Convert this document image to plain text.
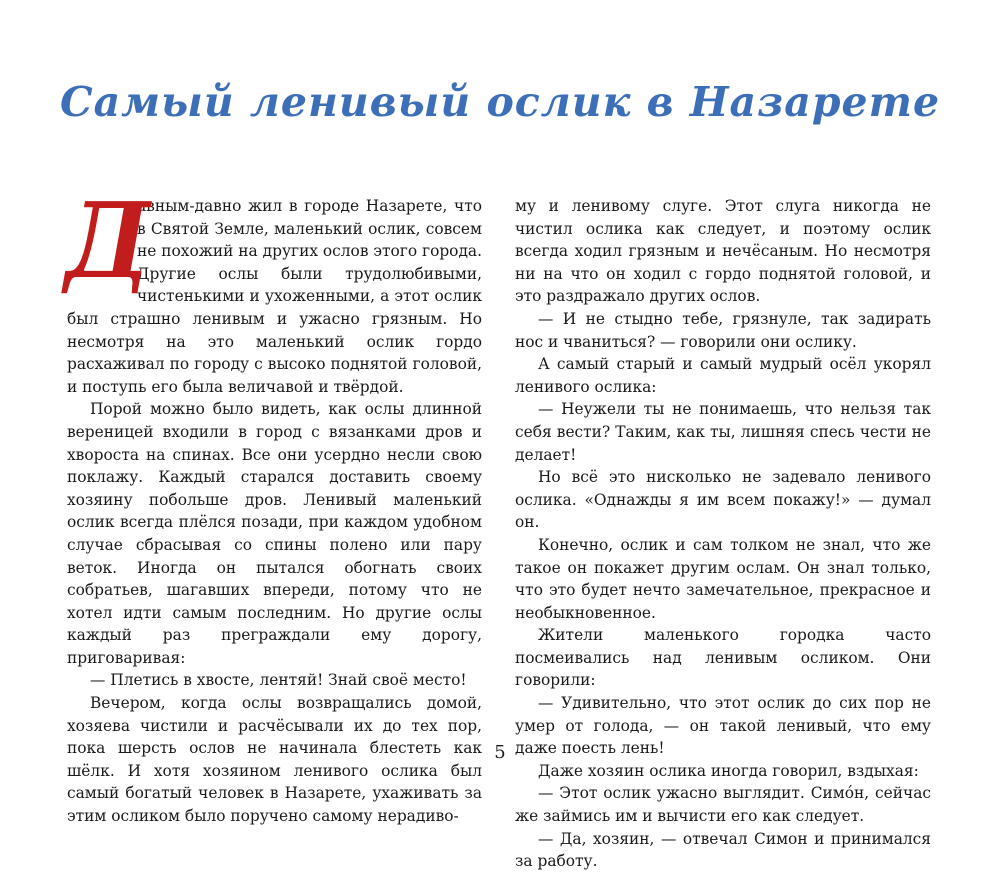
Самый ленивый ослик в Назарете

Д
авным-давно жил в городе Назарете, что в Святой Земле, маленький ослик, совсем не похожий на других ослов этого города. Другие ослы были трудолюбивыми, чистенькими и ухоженными, а этот ослик был страшно ленивым и ужасно грязным. Но несмотря на это маленький ослик гордо расхаживал по городу с высоко поднятой головой, и поступь его была величавой и твёрдой.

Порой можно было видеть, как ослы длинной вереницей входили в город с вязанками дров и хвороста на спинах. Все они усердно несли свою поклажу. Каждый старался доставить своему хозяину побольше дров. Ленивый маленький ослик всегда плёлся позади, при каждом удобном случае сбрасывая со спины полено или пару веток. Иногда он пытался обогнать своих собратьев, шагавших впереди, потому что не хотел идти самым последним. Но другие ослы каждый раз преграждали ему дорогу, приговаривая:

— Плетись в хвосте, лентяй! Знай своё место!

Вечером, когда ослы возвращались домой, хозяева чистили и расчёсывали их до тех пор, пока шерсть ослов не начинала блестеть как шёлк. И хотя хозяином ленивого ослика был самый богатый человек в Назарете, ухаживать за этим осликом было поручено самому нерадиво-

му и ленивому слуге. Этот слуга никогда не чистил ослика как следует, и поэтому ослик всегда ходил грязным и нечёсаным. Но несмотря ни на что он ходил с гордо поднятой головой, и это раздражало других ослов.

— И не стыдно тебе, грязнуле, так задирать нос и чваниться? — говорили они ослику.

А самый старый и самый мудрый осёл укорял ленивого ослика:

— Неужели ты не понимаешь, что нельзя так себя вести? Таким, как ты, лишняя спесь чести не делает!

Но всё это нисколько не задевало ленивого ослика. «Однажды я им всем покажу!» — думал он.

Конечно, ослик и сам толком не знал, что же такое он покажет другим ослам. Он знал только, что это будет нечто замечательное, прекрасное и необыкновенное.

Жители маленького городка часто посмеивались над ленивым осликом. Они говорили:

— Удивительно, что этот ослик до сих пор не умер от голода, — он такой ленивый, что ему даже поесть лень!

Даже хозяин ослика иногда говорил, вздыхая:

— Этот ослик ужасно выглядит. Симóн, сейчас же займись им и вычисти его как следует.

— Да, хозяин, — отвечал Симон и принимался за работу.

5
